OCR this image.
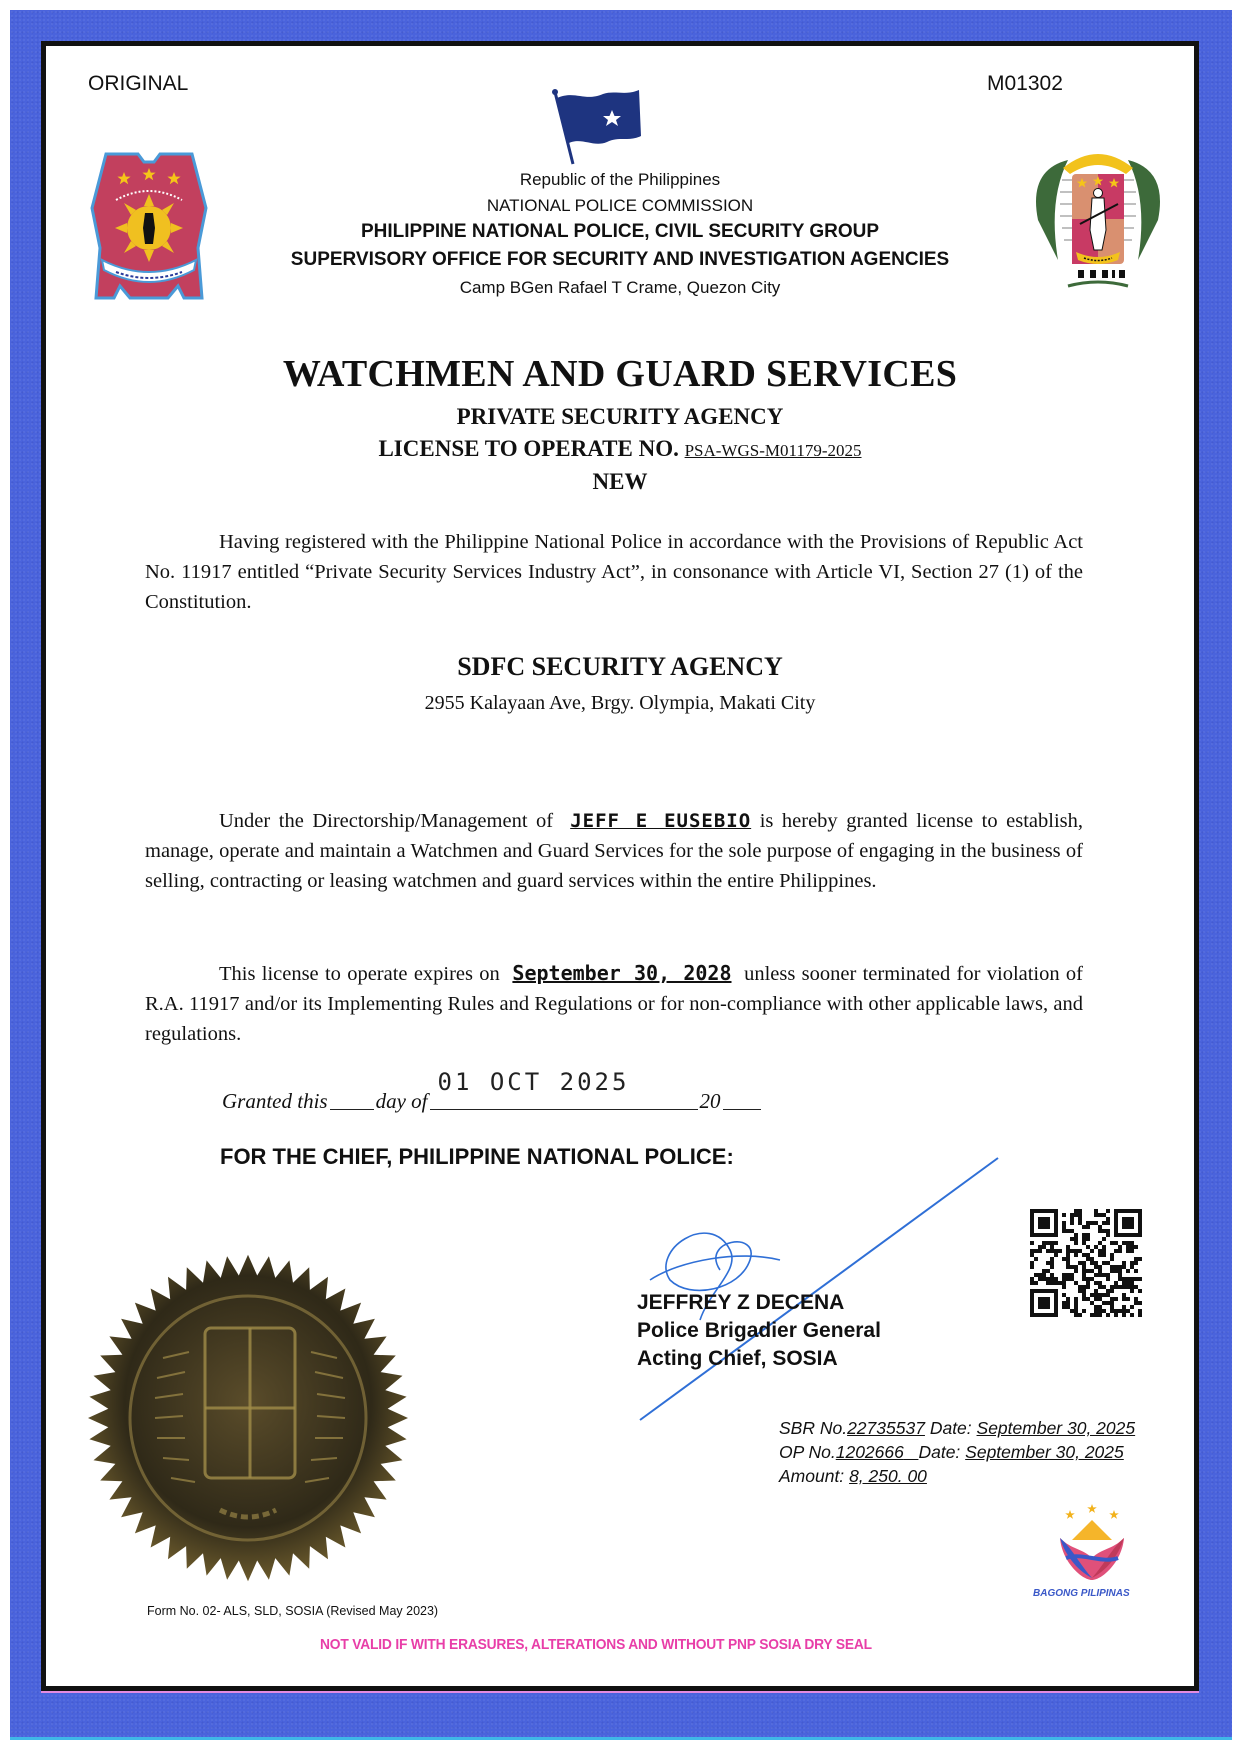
ORIGINAL	M01302
Republic of the Philippines
NATIONAL POLICE COMMISSION
PHILIPPINE NATIONAL POLICE, CIVIL SECURITY GROUP
SUPERVISORY OFFICE FOR SECURITY AND INVESTIGATION AGENCIES
Camp BGen Rafael T Crame, Quezon City
WATCHMEN AND GUARD SERVICES
PRIVATE SECURITY AGENCY
LICENSE TO OPERATE NO. PSA-WGS-M01179-2025
NEW
Having registered with the Philippine National Police in accordance with the Provisions of Republic Act No. 11917 entitled “Private Security Services Industry Act”, in consonance with Article VI, Section 27 (1) of the Constitution.
SDFC SECURITY AGENCY
2955 Kalayaan Ave, Brgy. Olympia, Makati City
Under the Directorship/Management of JEFF E EUSEBIO is hereby granted license to establish, manage, operate and maintain a Watchmen and Guard Services for the sole purpose of engaging in the business of selling, contracting or leasing watchmen and guard services within the entire Philippines.
This license to operate expires on September 30, 2028 unless sooner terminated for violation of R.A. 11917 and/or its Implementing Rules and Regulations or for non-compliance with other applicable laws, and regulations.
Granted this day of
01 OCT 2025
20
FOR THE CHIEF, PHILIPPINE NATIONAL POLICE:
JEFFREY Z DECENA
Police Brigadier General
Acting Chief, SOSIA
SBR No.22735537 Date: September 30, 2025
OP No.1202666 Date: September 30, 2025
Amount: 8, 250. 00
BAGONG PILIPINAS
Form No. 02- ALS, SLD, SOSIA (Revised May 2023)
NOT VALID IF WITH ERASURES, ALTERATIONS AND WITHOUT PNP SOSIA DRY SEAL
